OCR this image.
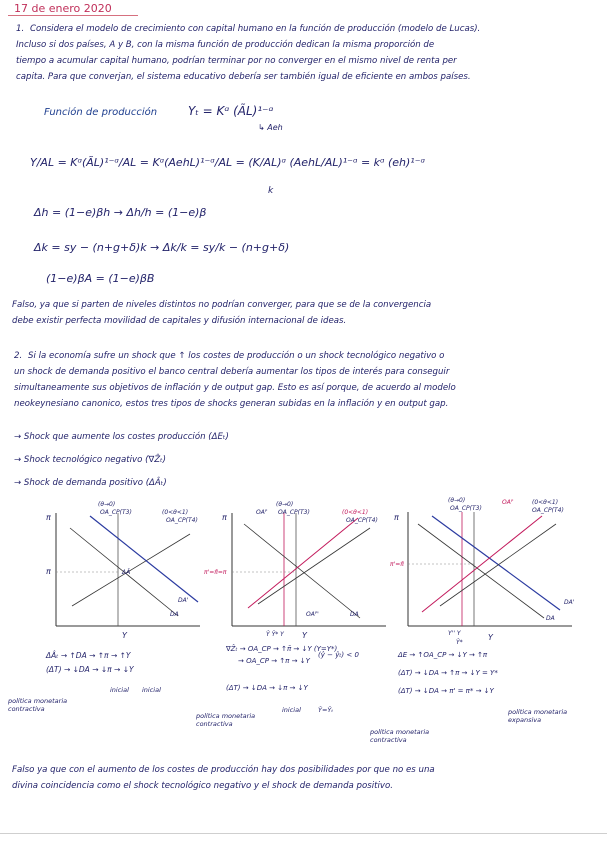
17 de enero 2020
1. Considera el modelo de crecimiento con capital humano en la función de producción (modelo de Lucas).
Incluso si dos países, A y B, con la misma función de producción dedican la misma proporción de
tiempo a acumular capital humano, podrían terminar por no converger en el mismo nivel de renta per
capita. Para que converjan, el sistema educativo debería ser también igual de eficiente en ambos países.
Función de producción	Yₜ = Kᵅ (ÃL)¹⁻ᵅ
↳ Aeh
Y/AL = Kᵅ(ÃL)¹⁻ᵅ/AL = Kᵅ(AehL)¹⁻ᵅ/AL = (K/AL)ᵅ (AehL/AL)¹⁻ᵅ = kᵅ (eh)¹⁻ᵅ
k
Δh = (1−e)βh → Δh/h = (1−e)β
Δk = sy − (n+g+δ)k → Δk/k = sy/k − (n+g+δ)
(1−e)βA = (1−e)βB
Falso, ya que si parten de niveles distintos no podrían converger, para que se de la convergencia
debe existir perfecta movilidad de capitales y difusión internacional de ideas.
2. Si la economía sufre un shock que ↑ los costes de producción o un shock tecnológico negativo o
un shock de demanda positivo el banco central debería aumentar los tipos de interés para conseguir
simultaneamente sus objetivos de inflación y de output gap. Esto es así porque, de acuerdo al modelo
neokeynesiano canonico, estos tres tipos de shocks generan subidas en la inflación y en output gap.
→ Shock que aumente los costes producción (ΔEₜ)
→ Shock tecnológico negativo (∇Ẑₜ)
→ Shock de demanda positivo (ΔÂₜ)
π
π
Y
(θ→0)
OA_CP(T3)	(0<θ<1)
OA_CP(T4)
DA'
DA
ΔÂ
π
π'=π̄=π
Y
(θ→0)
OA_CP(T3)	(0<θ<1)
OA_CP(T4)
OAᴾ
OAᴾ'	DA
Ŷ Ŷ* Y
π
π'=π̄
Y
(θ→0)
OA_CP(T3)
OAᴾ	(0<θ<1)
OA_CP(T4)
DA'
DA
Y'' Y
Ŷ*
ΔÂₜ → ↑DA → ↑π → ↑Y
(ΔT) → ↓DA → ↓π → ↓Y
inicial inicial
política monetaria contractiva
∇Ẑₜ → OA_CP → ↑π̄ → ↓Y (Y=Y*)
→ OA_CP → ↑π → ↓Y
(ŷ − ŷₜ) < 0
(ΔT) → ↓DA → ↓π → ↓Y
inicial	Ŷ=Ŷₜ
política monetaria contractiva
ΔE → ↑OA_CP → ↓Y → ↑π
(ΔT) → ↓DA → ↑π → ↓Y = Y*
(ΔT) → ↓DA → π' = π* → ↓Y
política monetaria expansiva
política monetaria contractiva
Falso ya que con el aumento de los costes de producción hay dos posibilidades por que no es una
divina coincidencia como el shock tecnológico negativo y el shock de demanda positivo.
